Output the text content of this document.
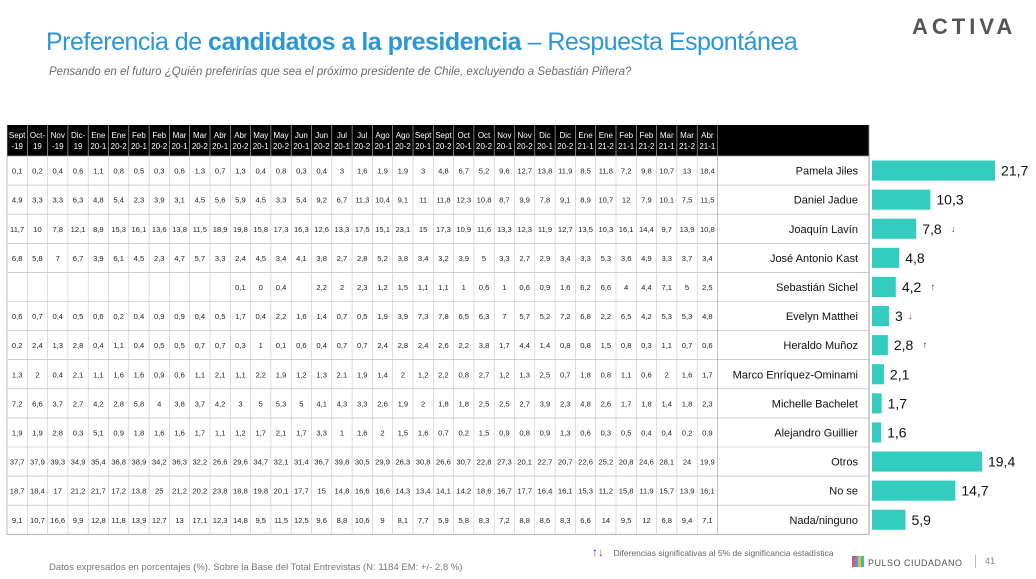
ACTIVA
Preferencia de candidatos a la presidencia – Respuesta Espontánea
Pensando en el futuro ¿Quién preferirías que sea el próximo presidente de Chile, excluyendo a Sebastián Piñera?
Sept
-19
Oct-
19
Nov
-19
Dic-
19
Ene
20-1
Ene
20-2
Feb
20-1
Feb
20-2
Mar
20-1
Mar
20-2
Abr
20-1
Abr
20-2
May
20-1
May
20-2
Jun
20-1
Jun
20-2
Jul
20-1
Jul
20-2
Ago
20-1
Ago
20-2
Sept
20-1
Sept
20-2
Oct
20-1
Oct
20-2
Nov
20-1
Nov
20-2
Dic
20-1
Dic
20-2
Ene
21-1
Ene
21-2
Feb
21-1
Feb
21-2
Mar
21-1
Mar
21-2
Abr
21-1
0,1 0,2 0,4 0,6 1,1 0,8 0,5 0,3 0,6 1,3 0,7 1,3 0,4 0,8 0,3 0,4 3 1,6 1,9 1,9 3 4,8 6,7 5,2 9,6 12,7 13,8 11,9 8,5 11,8 7,2 9,8 10,7 13 18,4
4,9 3,3 3,3 6,3 4,8 5,4 2,3 3,9 3,1 4,5 5,6 5,9 4,5 3,3 5,4 9,2 6,7 11,3 10,4 9,1 11 11,8 12,3 10,8 8,7 9,9 7,8 9,1 8,9 10,7 12 7,9 10,1 7,5 11,5
11,7 10 7,8 12,1 8,9 15,3 16,1 13,6 13,8 11,5 18,9 19,8 15,8 17,3 16,3 12,6 13,3 17,5 15,1 23,1 15 17,3 10,9 11,6 13,3 12,3 11,9 12,7 13,5 10,3 16,1 14,4 9,7 13,9 10,8
6,8 5,8 7 6,7 3,9 6,1 4,5 2,3 4,7 5,7 3,3 2,4 4,5 3,4 4,1 3,8 2,7 2,8 5,2 3,8 3,4 3,2 3,9 5 3,3 2,7 2,9 3,4 3,3 5,3 3,6 4,9 3,3 3,7 3,4
0,1 0 0,4	2,2 2 2,3 1,2 1,5 1,1 1,1 1 0,6 1 0,6 0,9 1,6 6,2 6,6 4 4,4 7,1 5 2,5
0,6 0,7 0,4 0,5 0,6 0,2 0,4 0,9 0,9 0,4 0,5 1,7 0,4 2,2 1,6 1,4 0,7 0,5 1,9 3,9 7,3 7,8 6,5 6,3 7 5,7 5,2 7,2 6,8 2,2 6,5 4,2 5,3 5,3 4,8
0,2 2,4 1,3 2,8 0,4 1,1 0,4 0,5 0,5 0,7 0,7 0,3 1 0,1 0,6 0,4 0,7 0,7 2,4 2,8 2,4 2,6 2,2 3,8 1,7 4,4 1,4 0,8 0,8 1,5 0,8 0,3 1,1 0,7 0,6
1,3 2 0,4 2,1 1,1 1,6 1,6 0,9 0,6 1,1 2,1 1,1 2,2 1,9 1,2 1,3 2,1 1,9 1,4 2 1,2 2,2 0,8 2,7 1,2 1,3 2,5 0,7 1,8 0,8 1,1 0,6 2 1,6 1,7
7,2 6,6 3,7 2,7 4,2 2,8 5,8 4 3,8 3,7 4,2 3 5 5,3 5 4,1 4,3 3,3 2,6 1,9 2 1,8 1,8 2,5 2,5 2,7 3,9 2,3 4,8 2,6 1,7 1,8 1,4 1,8 2,3
1,9 1,9 2,8 0,3 5,1 0,9 1,8 1,6 1,6 1,7 1,1 1,2 1,7 2,1 1,7 3,3 1 1,6 2 1,5 1,6 0,7 0,2 1,5 0,9 0,8 0,9 1,3 0,6 0,3 0,5 0,4 0,4 0,2 0,9
37,7 37,9 39,3 34,9 35,4 36,8 38,9 34,2 36,3 32,2 26,6 29,6 34,7 32,1 31,4 36,7 39,8 30,5 29,9 26,3 30,8 26,6 30,7 22,8 27,3 20,1 22,7 20,7 22,6 25,2 20,8 24,6 28,1 24 19,9
18,7 18,4 17 21,2 21,7 17,2 13,8 25 21,2 20,2 23,8 18,8 19,8 20,1 17,7 15 14,8 16,6 16,6 14,3 13,4 14,1 14,2 18,6 16,7 17,7 16,4 16,1 15,3 11,2 15,8 11,9 15,7 13,9 16,1
9,1 10,7 16,6 9,9 12,8 11,8 13,9 12,7 13 17,1 12,3 14,8 9,5 11,5 12,5 9,6 8,8 10,6 9 8,1 7,7 5,9 5,8 8,3 7,2 8,8 8,6 8,3 6,6 14 9,5 12 6,8 9,4 7,1
Pamela Jiles
Daniel Jadue
Joaquín Lavín
José Antonio Kast
Sebastián Sichel
Evelyn Matthei
Heraldo Muñoz
Marco Enríquez-Ominami
Michelle Bachelet
Alejandro Guillier
Otros
No se
Nada/ninguno
21,7
10,3
7,8 ↓
4,8
4,2 ↑
3 ↓
2,8 ↑
2,1
1,7
1,6
19,4
14,7
5,9
↑↓ Diferencias significativas al 5% de significancia estadística
Datos expresados en porcentajes (%). Sobre la Base del Total Entrevistas (N: 1184 EM: +/- 2,8 %)	PULSO CIUDADANO 41
